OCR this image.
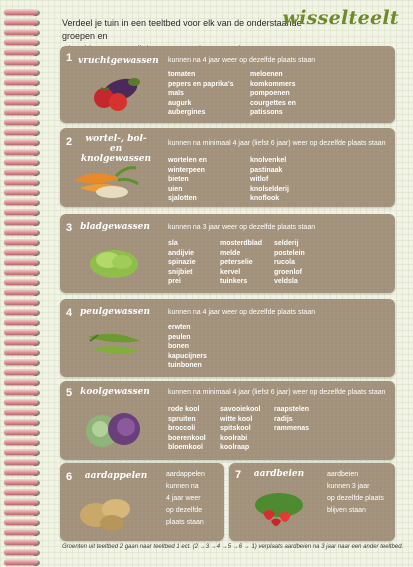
Verdeel je tuin in een teeltbed voor elk van de onderstaande groepen en
wisselteelt
1 vruchtgewassen kunnen na 4 jaar weer op dezelfde plaats staan
tomaten
pepers en paprika's
maïs
augurk
aubergines
meloenen
komkommers
pompoenen
courgettes en
patissons
2	wortel-, bol-
en knolgewassen
kunnen na minimaal 4 jaar (liefst 6 jaar) weer op dezelfde plaats staan
wortelen en
winterpeen
bieten
uien
sjalotten
knolvenkel
pastinaak
witlof
knolselderij
knoflook
3 bladgewassen	kunnen na 3 jaar weer op dezelfde plaats staan
sla
andijvie
spinazie
snijbiet
prei
mosterdblad
melde
peterselie
kervel
tuinkers
selderij
postelein
rucola
groenlof
veldsla
4 peulgewassen	kunnen na 4 jaar weer op dezelfde plaats staan
erwten
peulen
bonen
kapucijners
tuinbonen
5 koolgewassen	kunnen na minimaal 4 jaar (liefst 6 jaar) weer op dezelfde plaats staan
rode kool
spruiten
broccoli
boerenkool
bloemkool
savooiekool
witte kool
spitskool
koolrabi
koolraap
raapstelen
radijs
rammenas
6	aardappelen	aardappelen
kunnen na
4 jaar weer
op dezelfde
plaats staan
7	aardbeien	aardbeien
kunnen 3 jaar
op dezelfde plaats
blijven staan
Groenten uit teeltbed 2 gaan naar teeltbed 1 ect. (2 →3 →4 →5 →6 → 1) verplaats aardbeien na 3 jaar naar een ander teeltbed.
